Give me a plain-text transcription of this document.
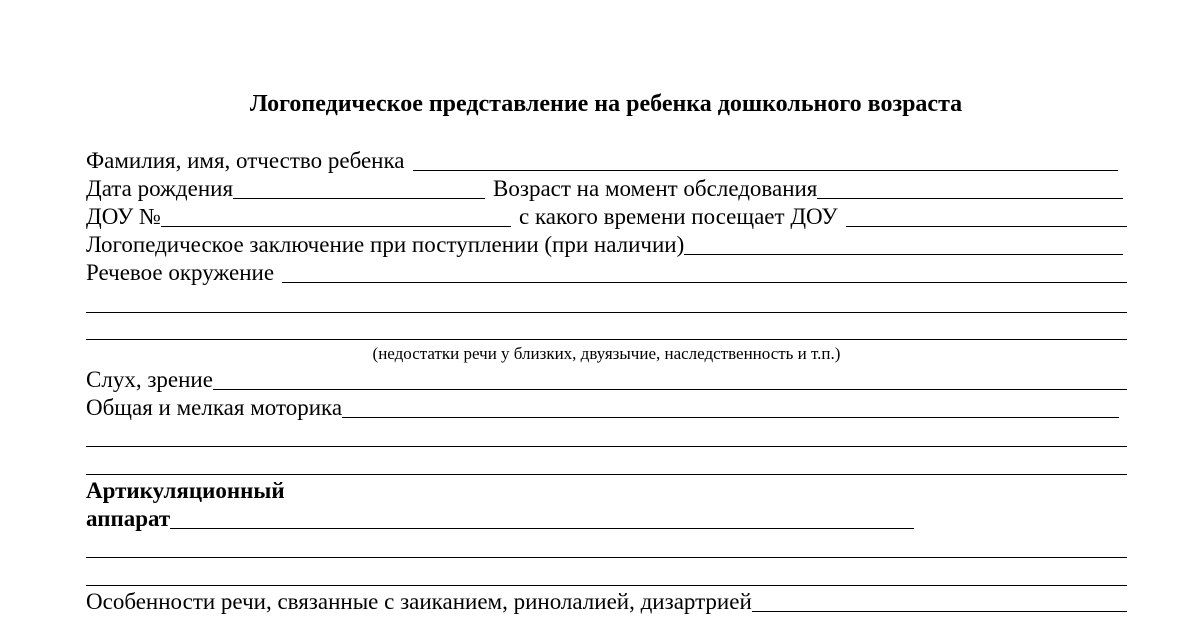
Логопедическое представление на ребенка дошкольного возраста
Фамилия, имя, отчество ребенка
Дата рождения	Возраст на момент обследования
ДОУ №	с какого времени посещает ДОУ
Логопедическое заключение при поступлении (при наличии)
Речевое окружение
(недостатки речи у близких, двуязычие, наследственность и т.п.)
Слух, зрение
Общая и мелкая моторика
Артикуляционный
аппарат
Особенности речи, связанные с заиканием, ринолалией, дизартрией
